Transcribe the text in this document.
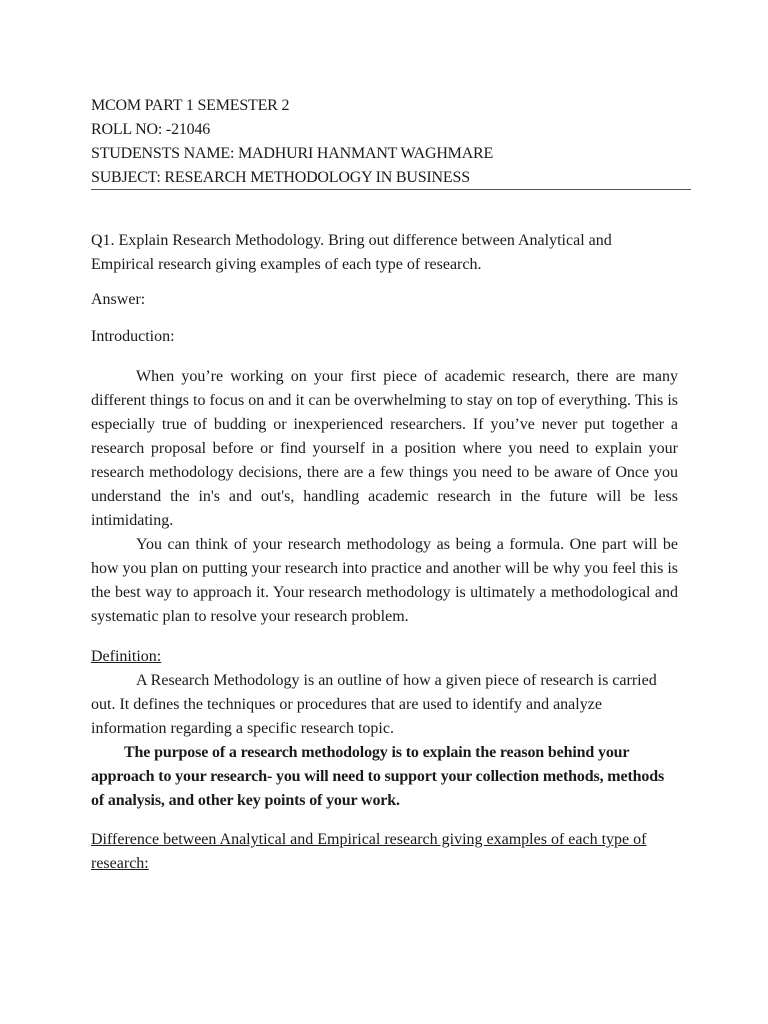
MCOM PART 1 SEMESTER 2
ROLL NO: -21046
STUDENSTS NAME: MADHURI HANMANT WAGHMARE
SUBJECT: RESEARCH METHODOLOGY IN BUSINESS

Q1. Explain Research Methodology. Bring out difference between Analytical and Empirical research giving examples of each type of research.

Answer:

Introduction:

When you’re working on your first piece of academic research, there are many different things to focus on and it can be overwhelming to stay on top of everything. This is especially true of budding or inexperienced researchers. If you’ve never put together a research proposal before or find yourself in a position where you need to explain your research methodology decisions, there are a few things you need to be aware of Once you understand the in's and out's, handling academic research in the future will be less intimidating.

You can think of your research methodology as being a formula. One part will be how you plan on putting your research into practice and another will be why you feel this is the best way to approach it. Your research methodology is ultimately a methodological and systematic plan to resolve your research problem.

Definition:

A Research Methodology is an outline of how a given piece of research is carried out. It defines the techniques or procedures that are used to identify and analyze information regarding a specific research topic.

The purpose of a research methodology is to explain the reason behind your approach to your research- you will need to support your collection methods, methods of analysis, and other key points of your work.

Difference between Analytical and Empirical research giving examples of each type of research:
